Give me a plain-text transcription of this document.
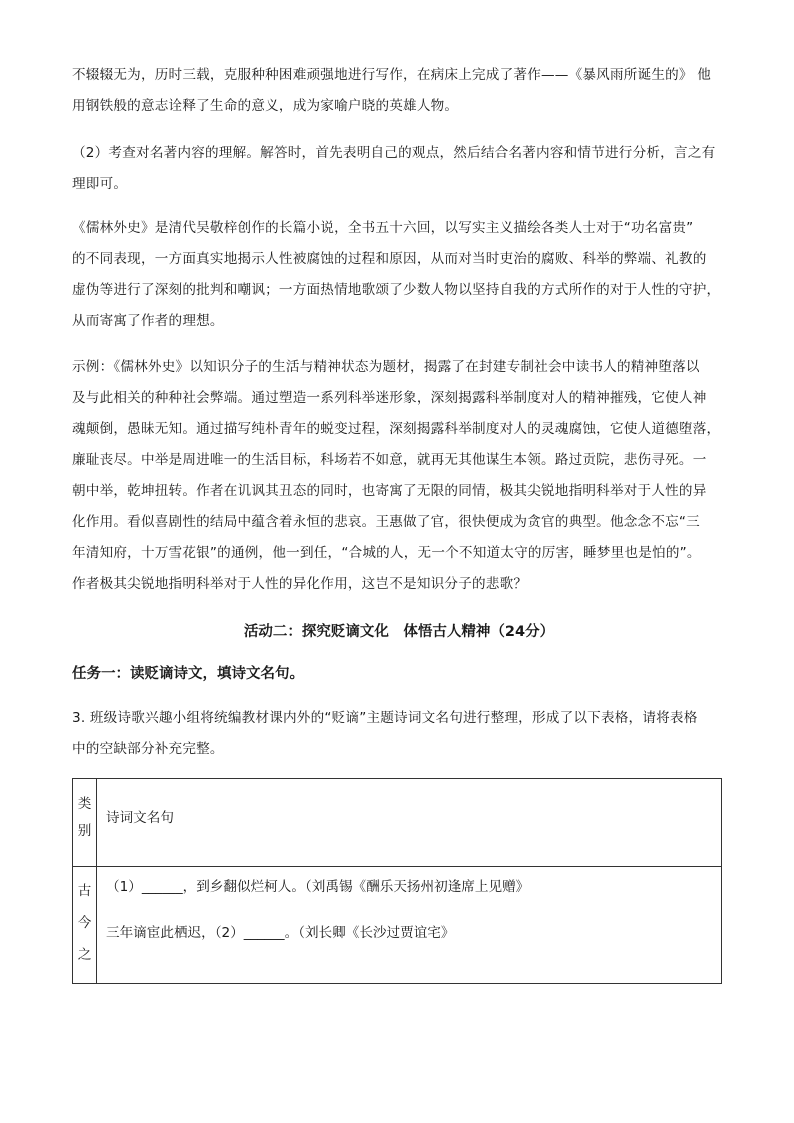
不辍辍无为，历时三载，克服种种困难顽强地进行写作，在病床上完成了著作——《暴风雨所诞生的》 他
用钢铁般的意志诠释了生命的意义，成为家喻户晓的英雄人物。
（2）考查对名著内容的理解。解答时，首先表明自己的观点，然后结合名著内容和情节进行分析，言之有
理即可。
《儒林外史》是清代吴敬梓创作的长篇小说，全书五十六回，以写实主义描绘各类人士对于“功名富贵”
的不同表现，一方面真实地揭示人性被腐蚀的过程和原因，从而对当时吏治的腐败、科举的弊端、礼教的
虚伪等进行了深刻的批判和嘲讽；一方面热情地歌颂了少数人物以坚持自我的方式所作的对于人性的守护，
从而寄寓了作者的理想。
示例：《儒林外史》以知识分子的生活与精神状态为题材，揭露了在封建专制社会中读书人的精神堕落以
及与此相关的种种社会弊端。通过塑造一系列科举迷形象，深刻揭露科举制度对人的精神摧残，它使人神
魂颠倒，愚昧无知。通过描写纯朴青年的蜕变过程，深刻揭露科举制度对人的灵魂腐蚀，它使人道德堕落，
廉耻丧尽。中举是周进唯一的生活目标，科场若不如意，就再无其他谋生本领。路过贡院，悲伤寻死。一
朝中举，乾坤扭转。作者在讥讽其丑态的同时，也寄寓了无限的同情，极其尖锐地指明科举对于人性的异
化作用。看似喜剧性的结局中蕴含着永恒的悲哀。王惠做了官，很快便成为贪官的典型。他念念不忘“三
年清知府，十万雪花银”的通例，他一到任，“合城的人，无一个不知道太守的厉害，睡梦里也是怕的”。
作者极其尖锐地指明科举对于人性的异化作用，这岂不是知识分子的悲歌？
活动二：探究贬谪文化　体悟古人精神（24分）
任务一：读贬谪诗文，填诗文名句。
3. 班级诗歌兴趣小组将统编教材课内外的“贬谪”主题诗词文名句进行整理，形成了以下表格，请将表格
中的空缺部分补充完整。
类
别
诗词文名句
古
今
之
（1）______，到乡翻似烂柯人。（刘禹锡《酬乐天扬州初逢席上见赠》
三年谪宦此栖迟，（2）______。（刘长卿《长沙过贾谊宅》
